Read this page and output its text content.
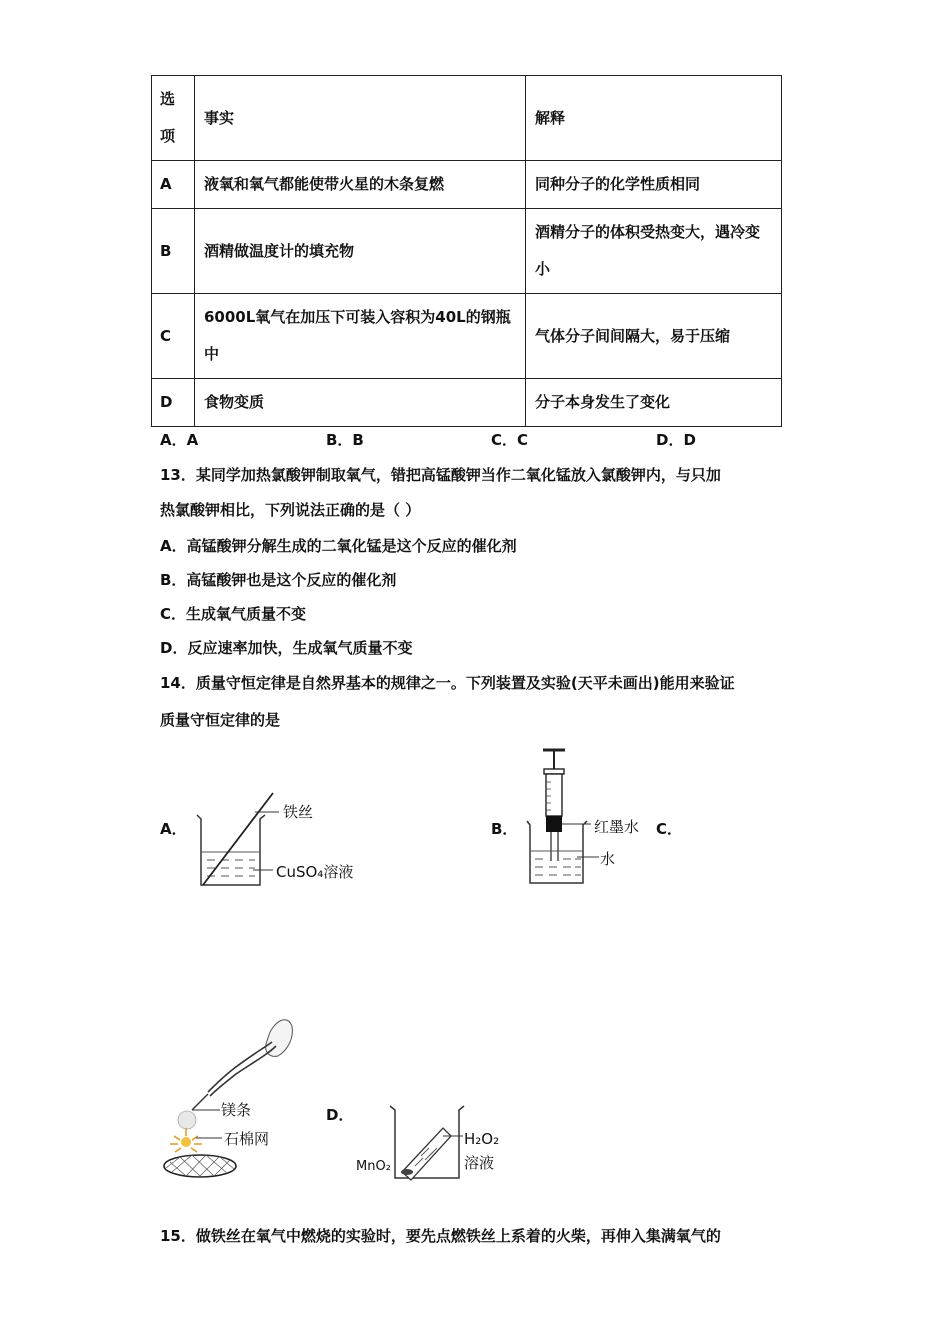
选项	事实	解释
A	液氧和氧气都能使带火星的木条复燃	同种分子的化学性质相同
B	酒精做温度计的填充物	酒精分子的体积受热变大，遇冷变小
C	6000L氧气在加压下可装入容积为40L的钢瓶中	气体分子间间隔大，易于压缩
D	食物变质	分子本身发生了变化
A．A	B．B	C．C	D．D
13．某同学加热氯酸钾制取氧气，错把高锰酸钾当作二氧化锰放入氯酸钾内，与只加
热氯酸钾相比，下列说法正确的是（ ）
A．高锰酸钾分解生成的二氧化锰是这个反应的催化剂
B．高锰酸钾也是这个反应的催化剂
C．生成氧气质量不变
D．反应速率加快，生成氧气质量不变
14．质量守恒定律是自然界基本的规律之一。下列装置及实验(天平未画出)能用来验证
质量守恒定律的是
A．	B．	C．
D．
铁丝
CuSO₄溶液
红墨水
水
镁条
石棉网	H₂O₂
溶液
MnO₂
15．做铁丝在氧气中燃烧的实验时，要先点燃铁丝上系着的火柴，再伸入集满氧气的
